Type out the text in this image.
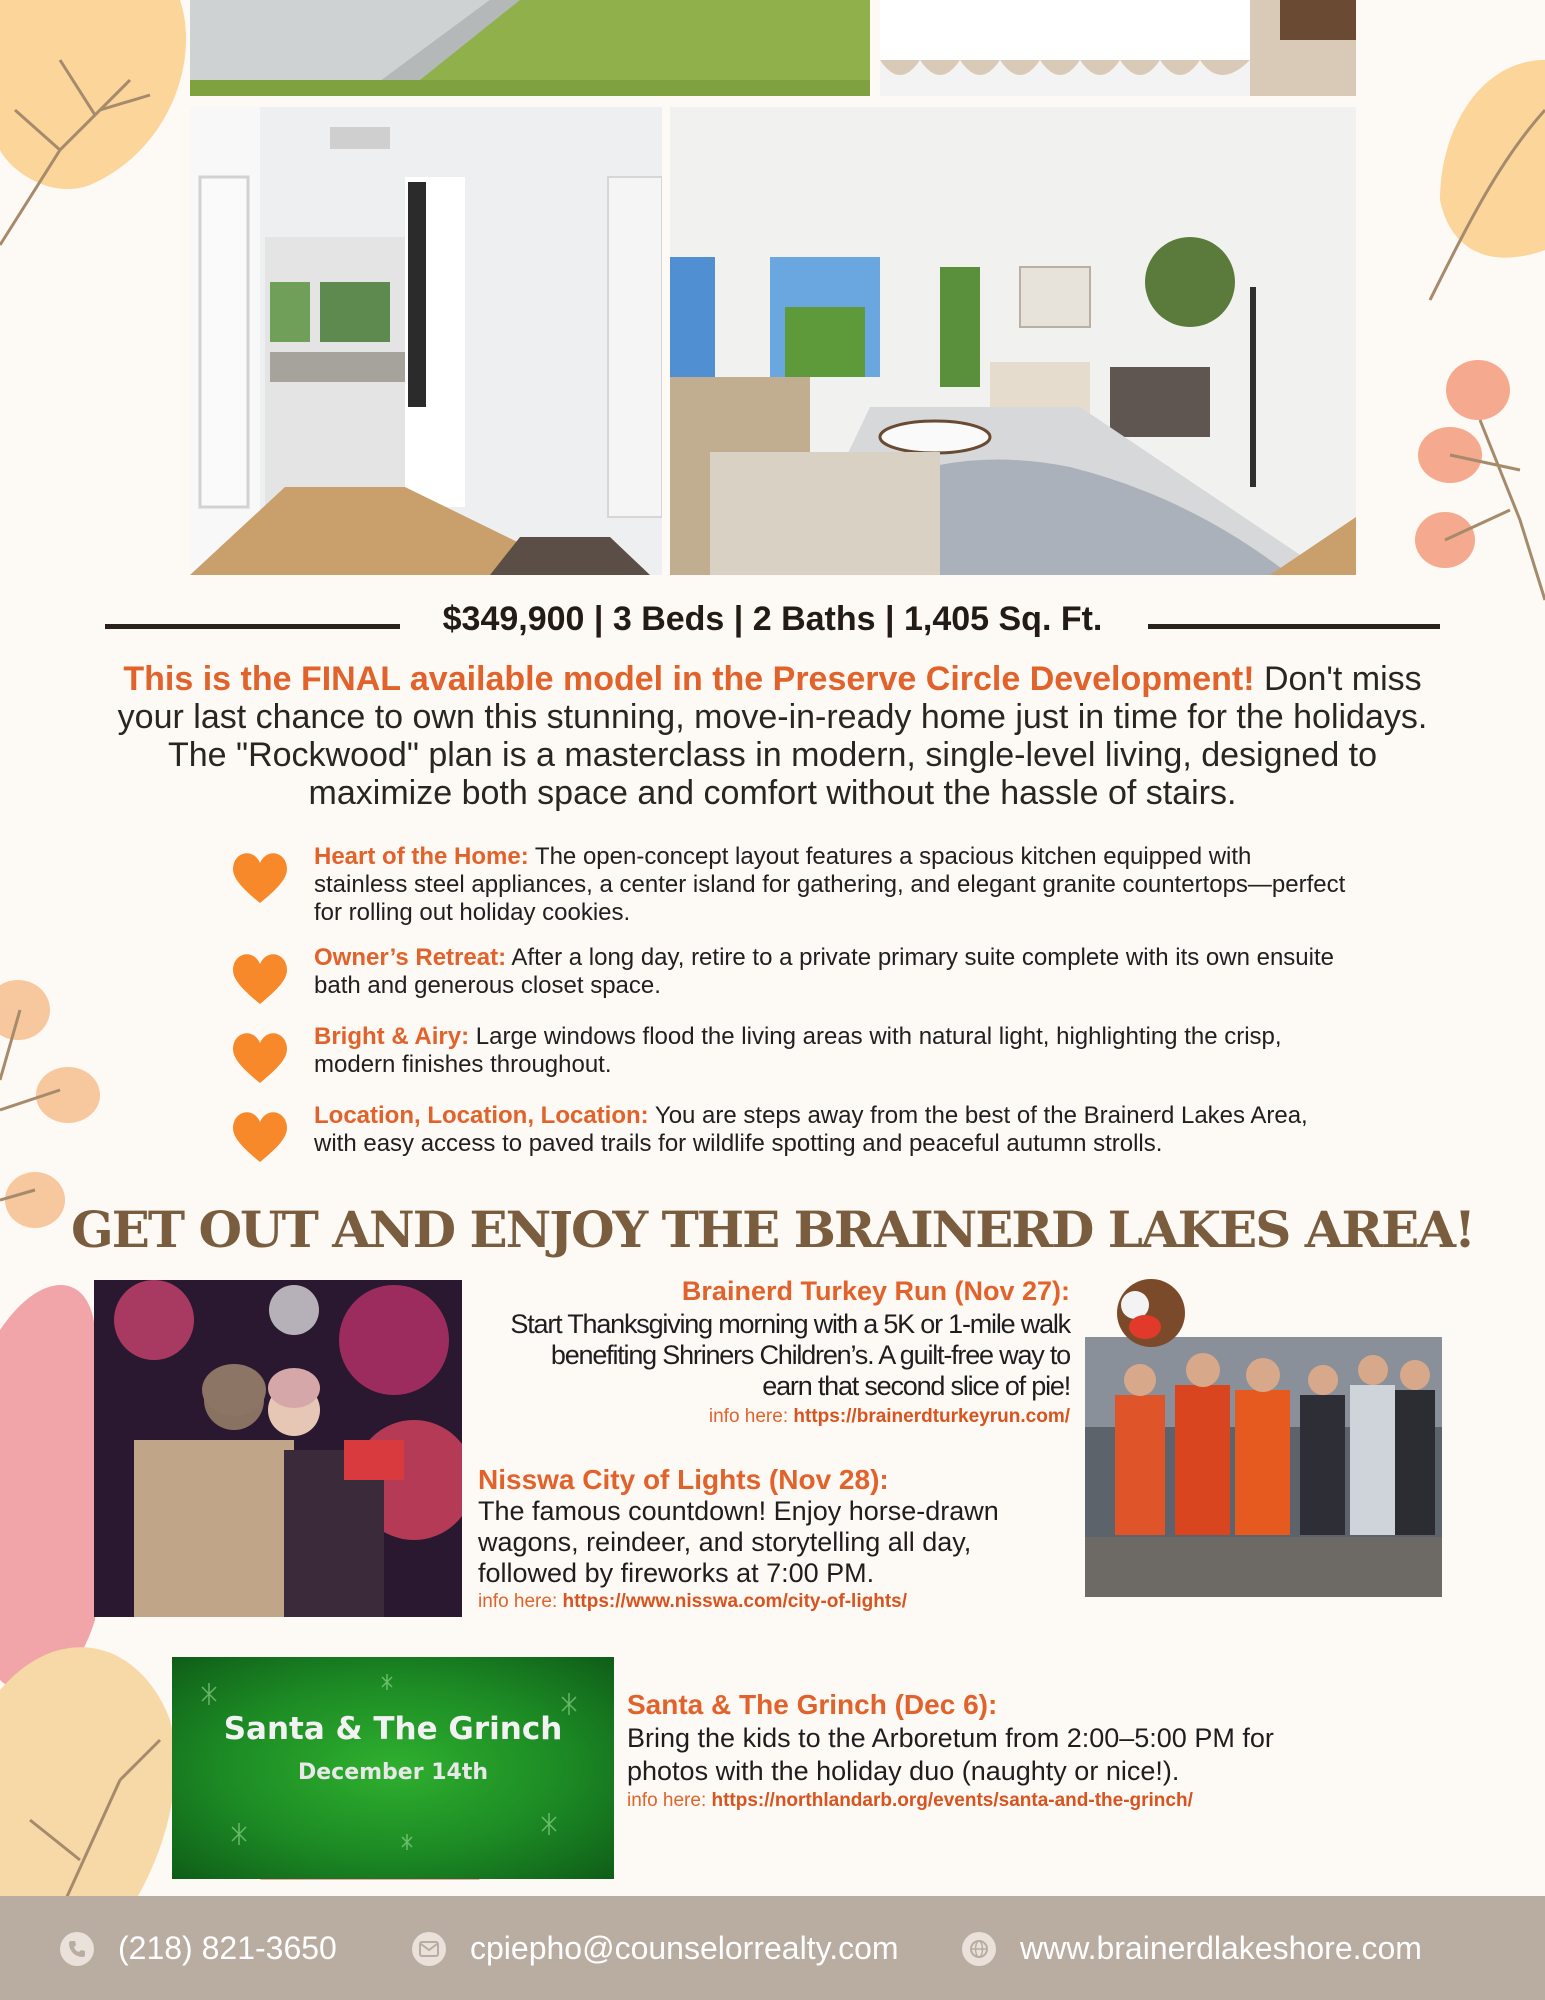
$349,900 | 3 Beds | 2 Baths | 1,405 Sq. Ft.
This is the FINAL available model in the Preserve Circle Development! Don't miss your last chance to own this stunning, move-in-ready home just in time for the holidays. The "Rockwood" plan is a masterclass in modern, single-level living, designed to maximize both space and comfort without the hassle of stairs.
Heart of the Home: The open-concept layout features a spacious kitchen equipped with stainless steel appliances, a center island for gathering, and elegant granite countertops—perfect for rolling out holiday cookies.
Owner’s Retreat: After a long day, retire to a private primary suite complete with its own ensuite bath and generous closet space.
Bright & Airy: Large windows flood the living areas with natural light, highlighting the crisp, modern finishes throughout.
Location, Location, Location: You are steps away from the best of the Brainerd Lakes Area, with easy access to paved trails for wildlife spotting and peaceful autumn strolls.
GET OUT AND ENJOY THE BRAINERD LAKES AREA!
Brainerd Turkey Run (Nov 27):
Start Thanksgiving morning with a 5K or 1-mile walk benefiting Shriners Children’s. A guilt-free way to earn that second slice of pie!
info here: https://brainerdturkeyrun.com/
Nisswa City of Lights (Nov 28):
The famous countdown! Enjoy horse-drawn wagons, reindeer, and storytelling all day, followed by fireworks at 7:00 PM.
info here: https://www.nisswa.com/city-of-lights/
Santa & The Grinch
December 14th
Santa & The Grinch (Dec 6):
Bring the kids to the Arboretum from 2:00–5:00 PM for photos with the holiday duo (naughty or nice!).
info here: https://northlandarb.org/events/santa-and-the-grinch/
(218) 821-3650	cpiepho@counselorrealty.com	www.brainerdlakeshore.com
